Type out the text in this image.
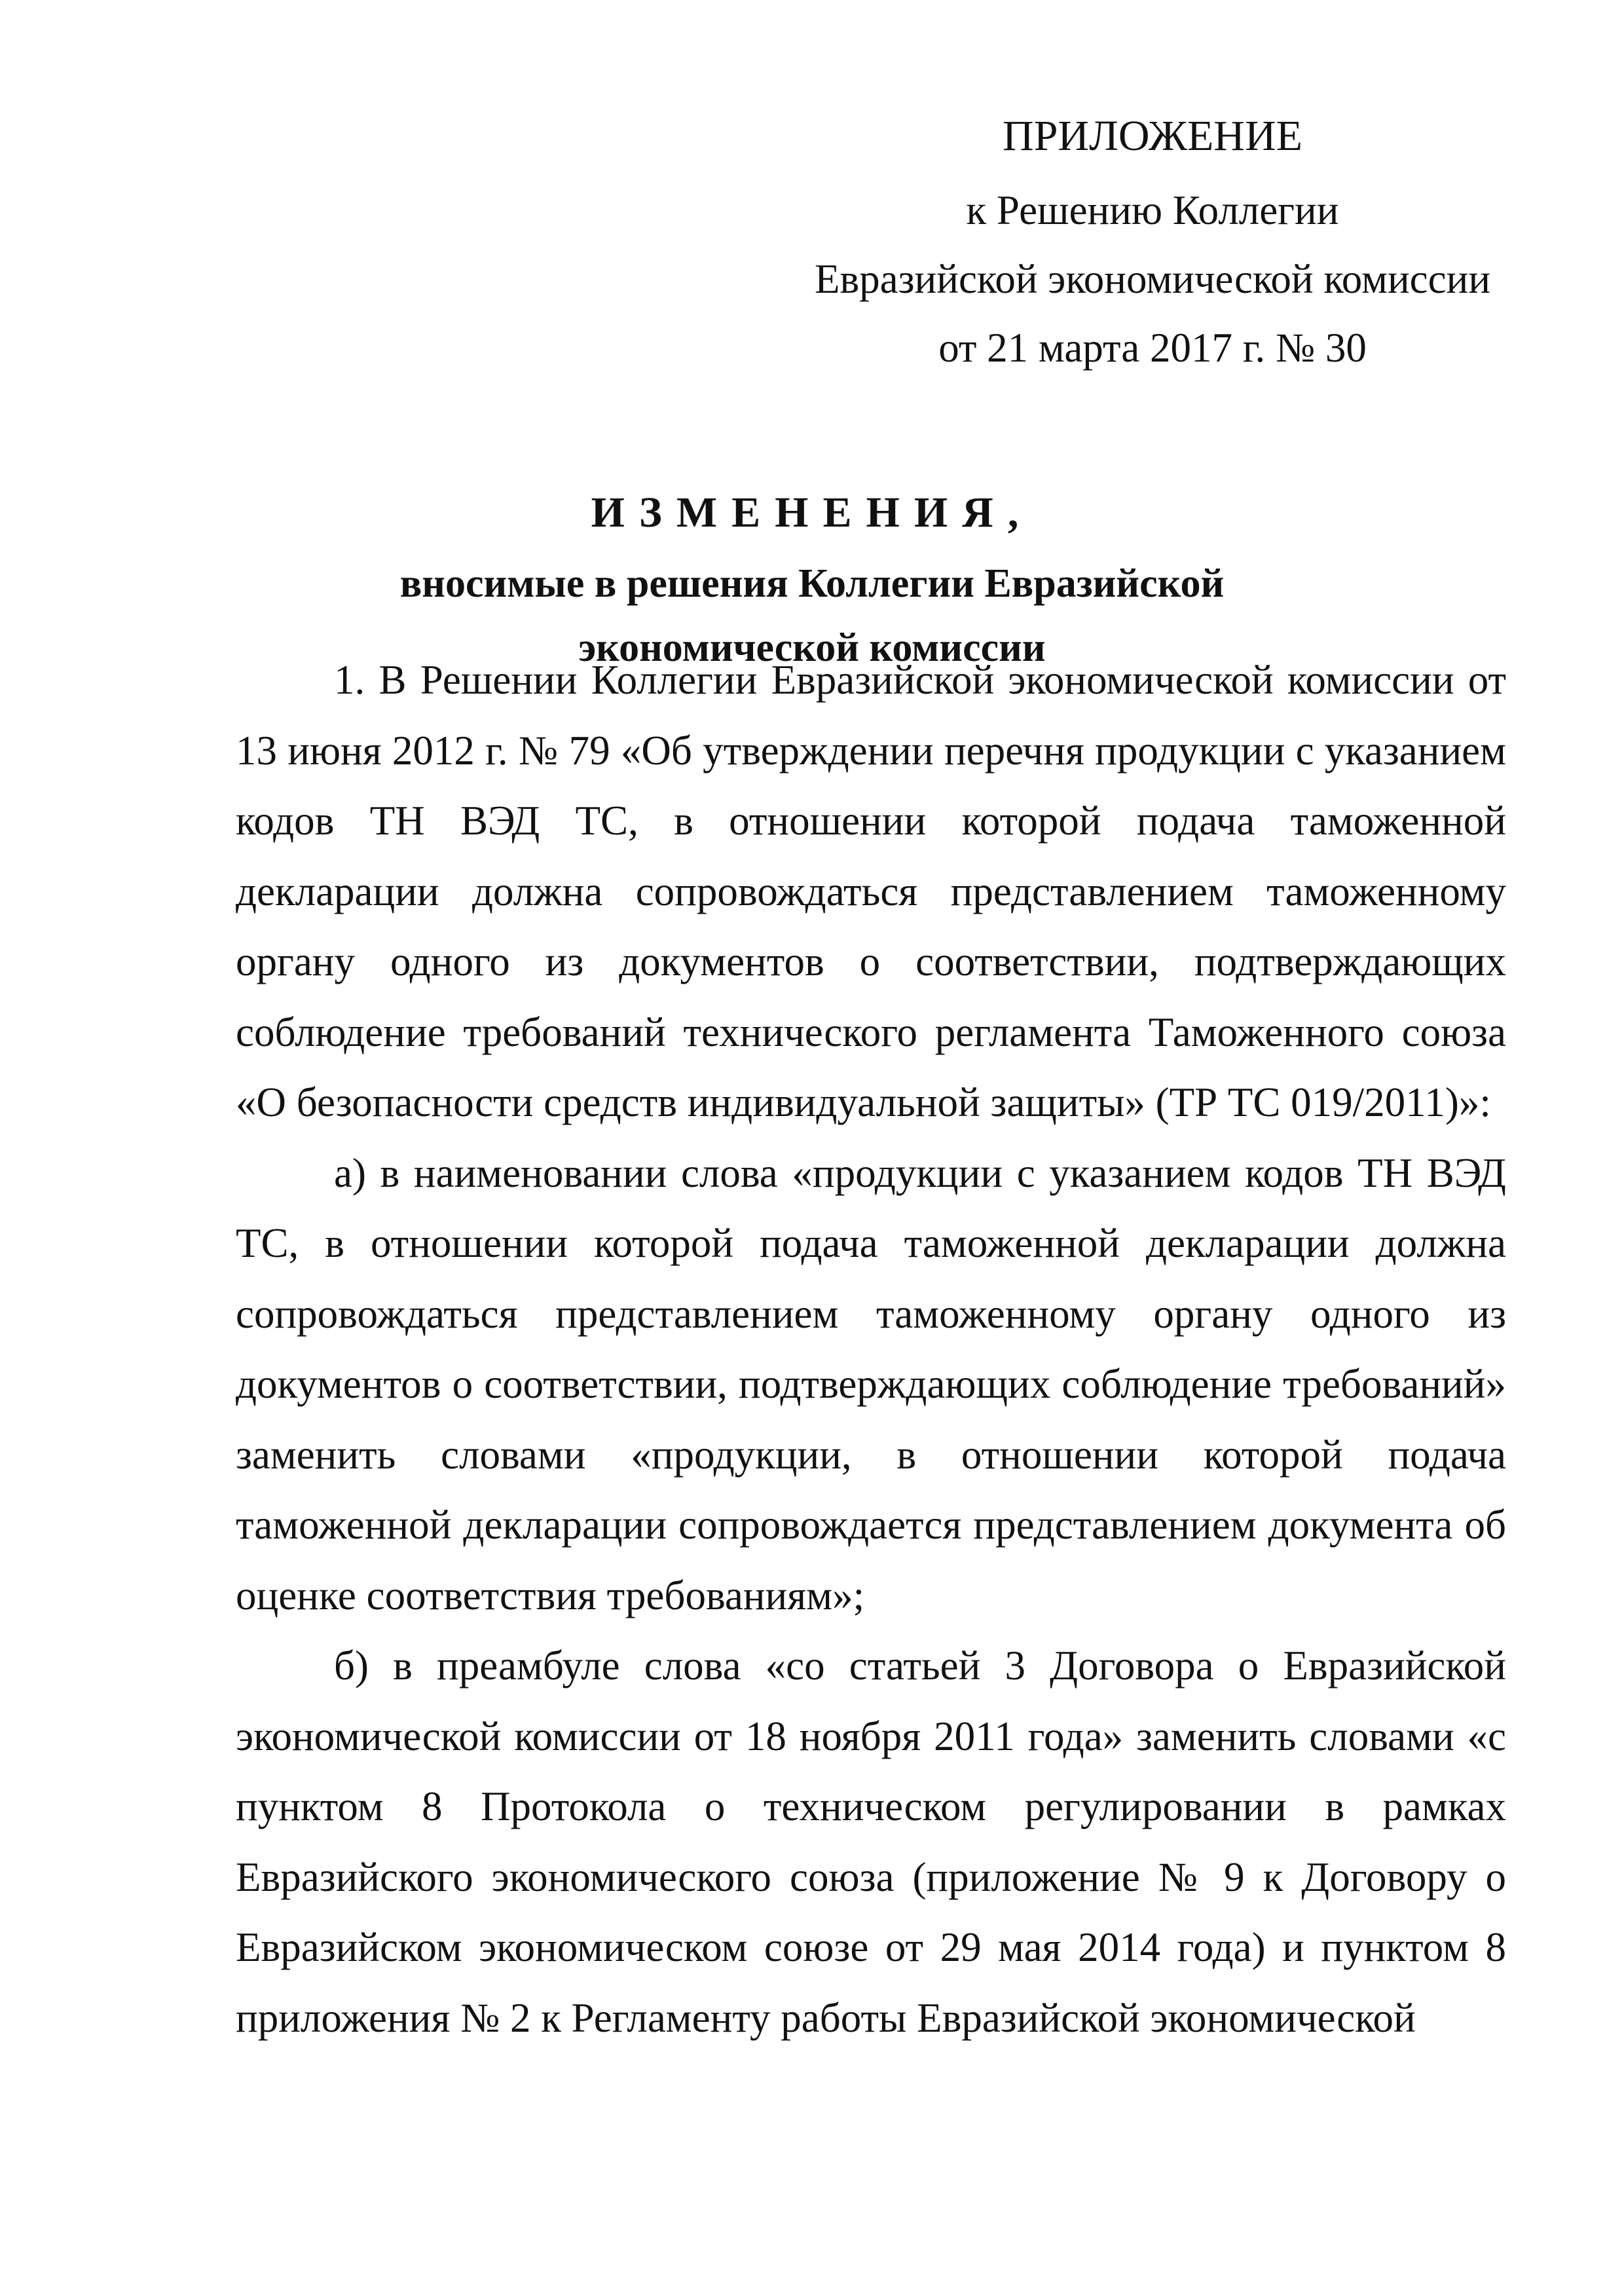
ПРИЛОЖЕНИЕ
к Решению Коллегии
Евразийской экономической комиссии
от 21 марта 2017 г. № 30
ИЗМЕНЕНИЯ,
вносимые в решения Коллегии Евразийской
экономической комиссии

1. В Решении Коллегии Евразийской экономической комиссии от 13 июня 2012 г. № 79 «Об утверждении перечня продукции с указанием кодов ТН ВЭД ТС, в отношении которой подача таможенной декларации должна сопровождаться представлением таможенному органу одного из документов о соответствии, подтверждающих соблюдение требований технического регламента Таможенного союза «О безопасности средств индивидуальной защиты» (ТР ТС 019/2011)»:

а) в наименовании слова «продукции с указанием кодов ТН ВЭД ТС, в отношении которой подача таможенной декларации должна сопровождаться представлением таможенному органу одного из документов о соответствии, подтверждающих соблюдение требований» заменить словами «продукции, в отношении которой подача таможенной декларации сопровождается представлением документа об оценке соответствия требованиям»;

б) в преамбуле слова «со статьей 3 Договора о Евразийской экономической комиссии от 18 ноября 2011 года» заменить словами «с пунктом 8 Протокола о техническом регулировании в рамках Евразийского экономического союза (приложение № 9 к Договору о Евразийском экономическом союзе от 29 мая 2014 года) и пунктом 8 приложения № 2 к Регламенту работы Евразийской экономической
